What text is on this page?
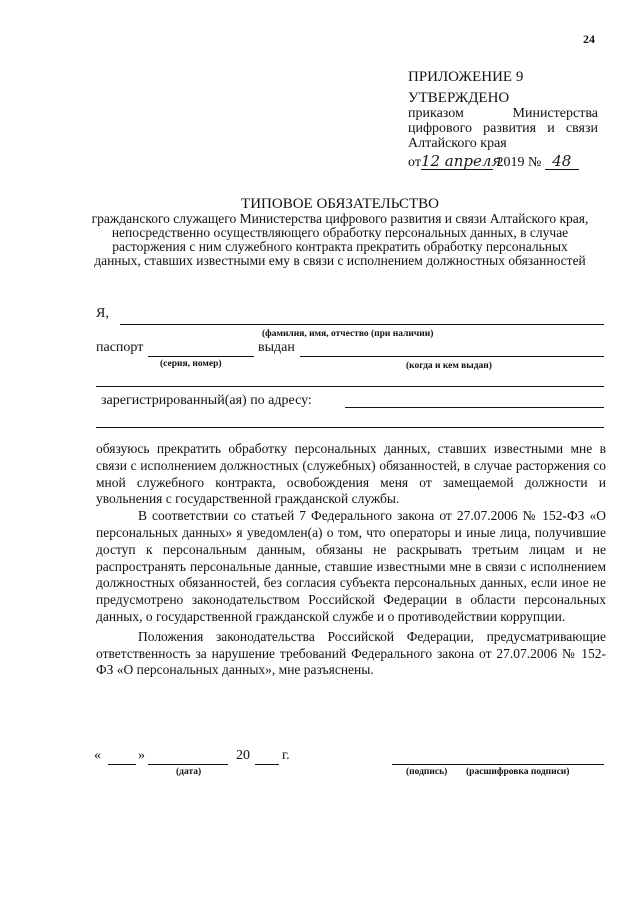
24
ПРИЛОЖЕНИЕ 9
УТВЕРЖДЕНО
приказом Министерства
цифрового развития и связи
Алтайского края
от12 апреля 2019 № 48
ТИПОВОЕ ОБЯЗАТЕЛЬСТВО
гражданского служащего Министерства цифрового развития и связи Алтайского края, непосредственно осуществляющего обработку персональных данных, в случае расторжения с ним служебного контракта прекратить обработку персональных данных, ставших известными ему в связи с исполнением должностных обязанностей
Я,
(фамилия, имя, отчество (при наличии)
паспорт	выдан
(серия, номер)	(когда и кем выдан)
зарегистрированный(ая) по адресу:

обязуюсь прекратить обработку персональных данных, ставших известными мне в связи с исполнением должностных (служебных) обязанностей, в случае расторжения со мной служебного контракта, освобождения меня от замещаемой должности и увольнения с государственной гражданской службы.

В соответствии со статьей 7 Федерального закона от 27.07.2006 № 152-ФЗ «О персональных данных» я уведомлен(а) о том, что операторы и иные лица, получившие доступ к персональным данным, обязаны не раскрывать третьим лицам и не распространять персональные данные, ставшие известными мне в связи с исполнением должностных обязанностей, без согласия субъекта персональных данных, если иное не предусмотрено законодательством Российской Федерации в области персональных данных, о государственной гражданской службе и о противодействии коррупции.

Положения законодательства Российской Федерации, предусматривающие ответственность за нарушение требований Федерального закона от 27.07.2006 № 152-ФЗ «О персональных данных», мне разъяснены.

«	»	20 г.
(дата)	(подпись) (расшифровка подписи)
